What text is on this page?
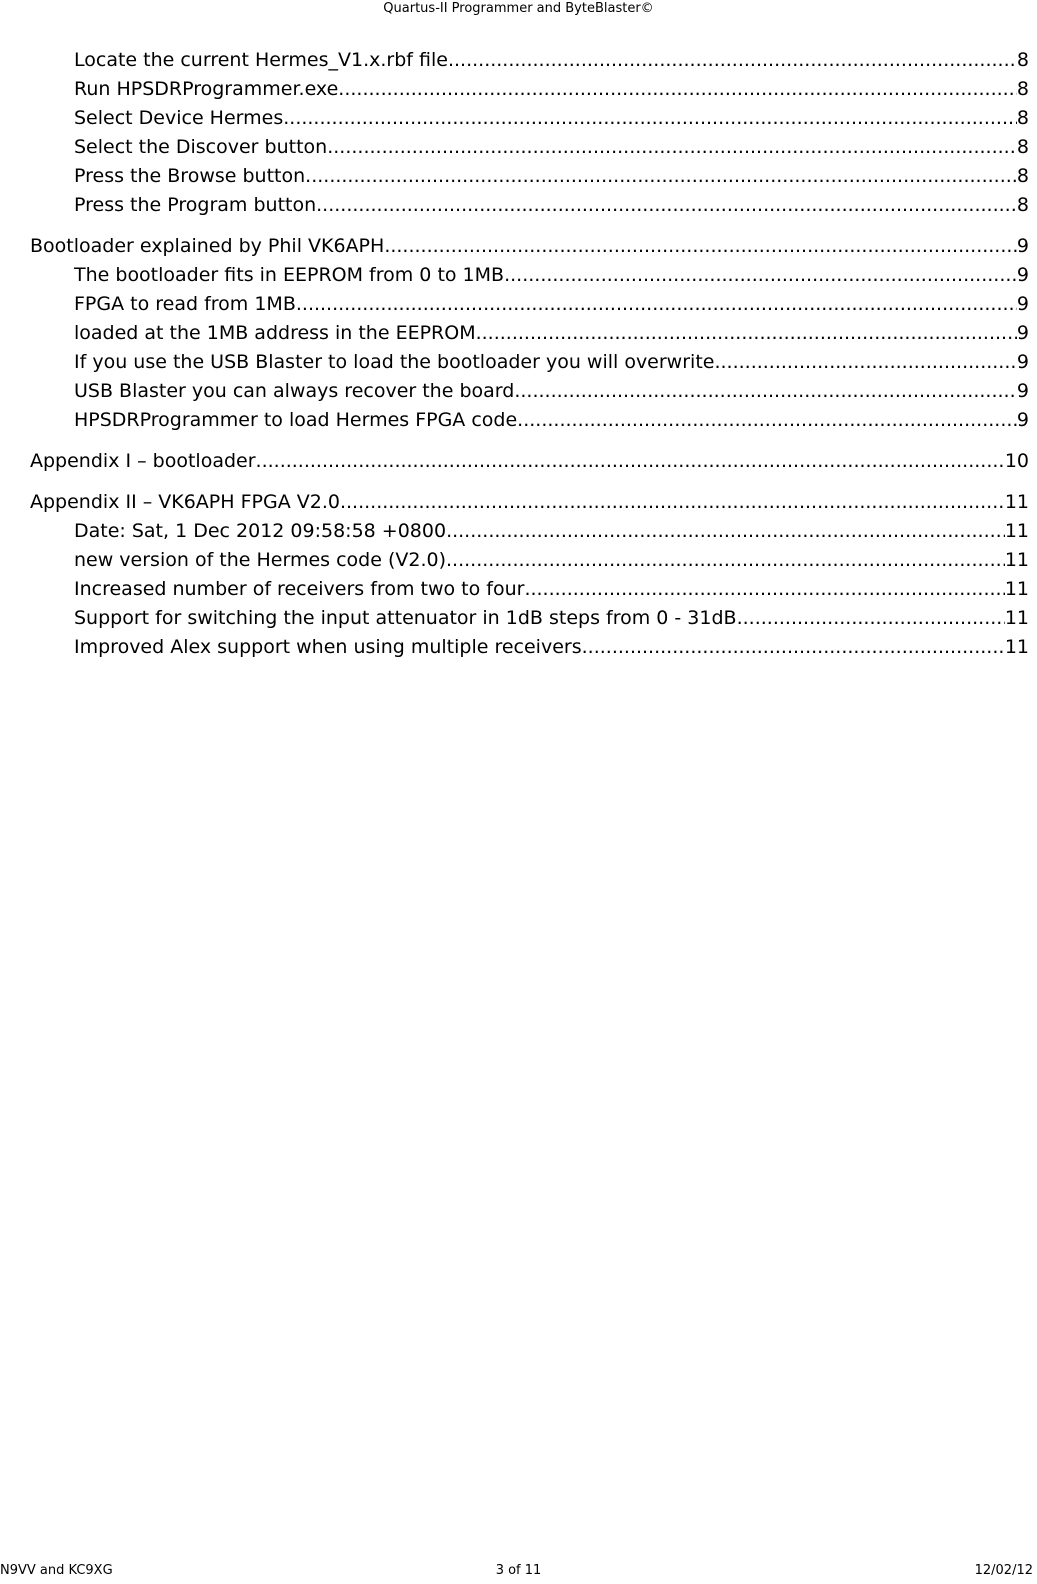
Quartus-II Programmer and ByteBlaster©
Locate the current Hermes_V1.x.rbf file .....	8
Run HPSDRProgrammer.exe .....	8
Select Device Hermes .....	8
Select the Discover button .....	8
Press the Browse button .....	8
Press the Program button .....	8
Bootloader explained by Phil VK6APH .....	9
The bootloader fits in EEPROM from 0 to 1MB .....	9
FPGA to read from 1MB .....	9
loaded at the 1MB address in the EEPROM .....	9
If you use the USB Blaster to load the bootloader you will overwrite .....	9
USB Blaster you can always recover the board .....	9
HPSDRProgrammer to load Hermes FPGA code .....	9
Appendix I – bootloader .....	10
Appendix II – VK6APH FPGA V2.0 .....	11
Date: Sat, 1 Dec 2012 09:58:58 +0800 .....	11
new version of the Hermes code (V2.0) .....	11
Increased number of receivers from two to four .....	11
Support for switching the input attenuator in 1dB steps from 0 - 31dB .....	11
Improved Alex support when using multiple receivers .....	11
N9VV and KC9XG	3 of 11	12/02/12
